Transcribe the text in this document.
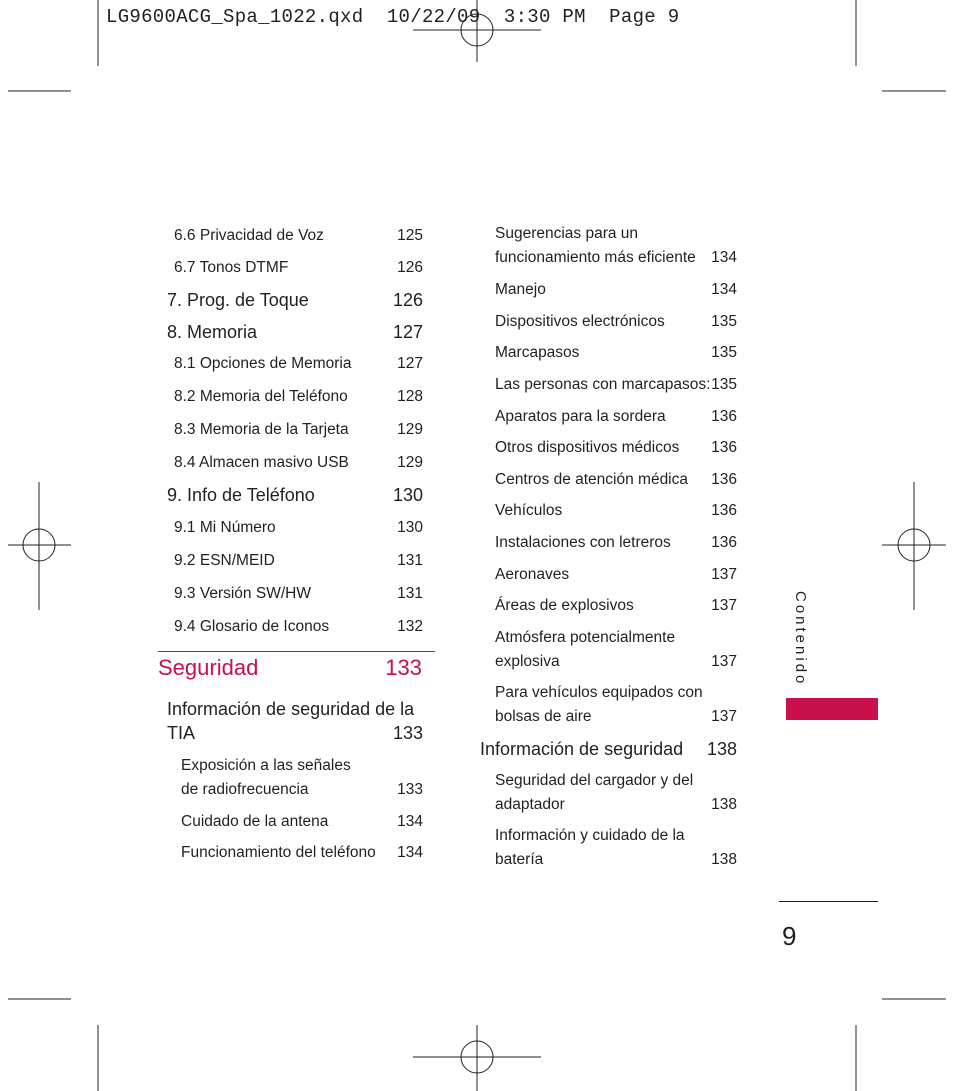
LG9600ACG_Spa_1022.qxd  10/22/09  3:30 PM  Page 9
6.6 Privacidad de Voz	125
6.7 Tonos DTMF	126
7. Prog. de Toque	126
8. Memoria	127
8.1 Opciones de Memoria	127
8.2 Memoria del Teléfono	128
8.3 Memoria de la Tarjeta	129
8.4 Almacen masivo USB	129
9. Info de Teléfono	130
9.1 Mi Número	130
9.2 ESN/MEID	131
9.3 Versión SW/HW	131
9.4 Glosario de Iconos	132
Seguridad	133
Información de seguridad de la TIA	133
Exposición a las señales de radiofrecuencia	133
Cuidado de la antena	134
Funcionamiento del teléfono	134
Sugerencias para un funcionamiento más eficiente 134
Manejo	134
Dispositivos electrónicos	135
Marcapasos	135
Las personas con marcapasos: 135
Aparatos para la sordera	136
Otros dispositivos médicos	136
Centros de atención médica	136
Vehículos	136
Instalaciones con letreros	136
Aeronaves	137
Áreas de explosivos	137
Atmósfera potencialmente explosiva	137
Para vehículos equipados con bolsas de aire	137
Información de seguridad	138
Seguridad del cargador y del adaptador	138
Información y cuidado de la batería	138
Contenido
9
